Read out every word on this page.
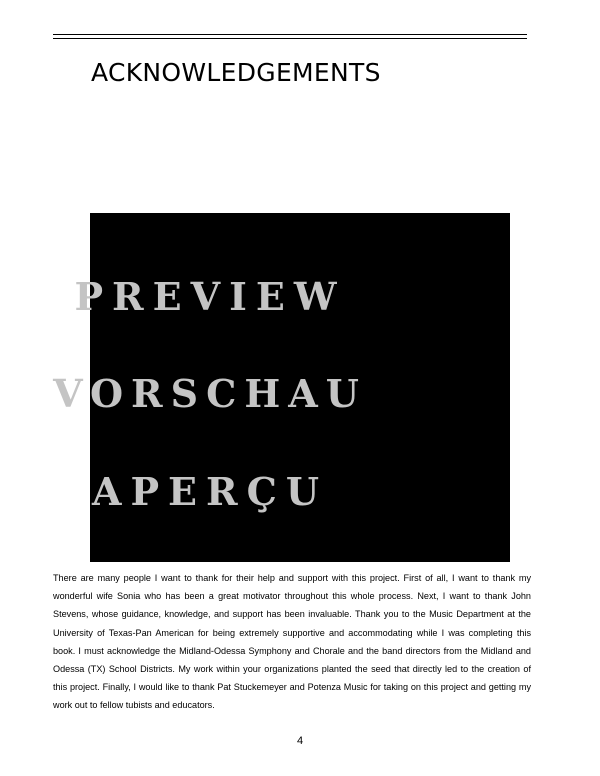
ACKNOWLEDGEMENTS
PREVIEW
VORSCHAU
APERÇU

There are many people I want to thank for their help and support with this project. First of all, I want to thank my wonderful wife Sonia who has been a great motivator throughout this whole process. Next, I want to thank John Stevens, whose guidance, knowledge, and support has been invaluable. Thank you to the Music Department at the University of Texas-Pan American for being extremely supportive and accommodating while I was completing this book. I must acknowledge the Midland-Odessa Symphony and Chorale and the band directors from the Midland and Odessa (TX) School Districts. My work within your organizations planted the seed that directly led to the creation of this project. Finally, I would like to thank Pat Stuckemeyer and Potenza Music for taking on this project and getting my work out to fellow tubists and educators.

4
